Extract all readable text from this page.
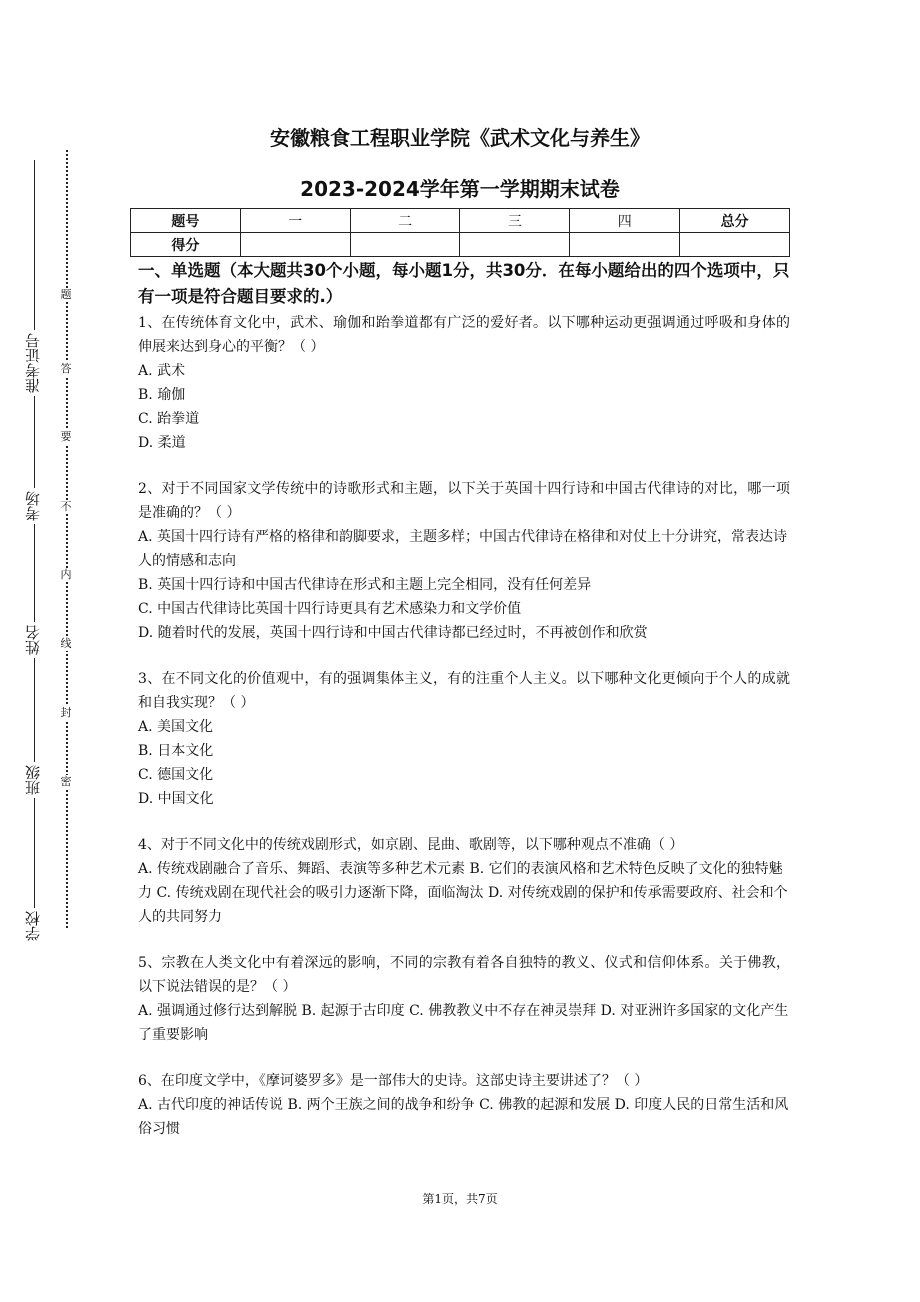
准考证号
考场
姓名
班级
学校
题
答
要
不
内
线
封
密
安徽粮食工程职业学院《武术文化与养生》
2023-2024学年第一学期期末试卷
题号	一	二	三	四	总分
得分					
一、单选题（本大题共30个小题，每小题1分，共30分．在每小题给出的四个选项中，只有一项是符合题目要求的.）

1、在传统体育文化中，武术、瑜伽和跆拳道都有广泛的爱好者。以下哪种运动更强调通过呼吸和身体的伸展来达到身心的平衡？（ ）

A. 武术

B. 瑜伽

C. 跆拳道

D. 柔道

2、对于不同国家文学传统中的诗歌形式和主题，以下关于英国十四行诗和中国古代律诗的对比，哪一项是准确的？（ ）

A. 英国十四行诗有严格的格律和韵脚要求，主题多样；中国古代律诗在格律和对仗上十分讲究，常表达诗人的情感和志向

B. 英国十四行诗和中国古代律诗在形式和主题上完全相同，没有任何差异

C. 中国古代律诗比英国十四行诗更具有艺术感染力和文学价值

D. 随着时代的发展，英国十四行诗和中国古代律诗都已经过时，不再被创作和欣赏

3、在不同文化的价值观中，有的强调集体主义，有的注重个人主义。以下哪种文化更倾向于个人的成就和自我实现？（ ）

A. 美国文化

B. 日本文化

C. 德国文化

D. 中国文化

4、对于不同文化中的传统戏剧形式，如京剧、昆曲、歌剧等，以下哪种观点不准确（ ）

A. 传统戏剧融合了音乐、舞蹈、表演等多种艺术元素 B. 它们的表演风格和艺术特色反映了文化的独特魅力 C. 传统戏剧在现代社会的吸引力逐渐下降，面临淘汰 D. 对传统戏剧的保护和传承需要政府、社会和个人的共同努力

5、宗教在人类文化中有着深远的影响，不同的宗教有着各自独特的教义、仪式和信仰体系。关于佛教，以下说法错误的是？（ ）

A. 强调通过修行达到解脱 B. 起源于古印度 C. 佛教教义中不存在神灵崇拜 D. 对亚洲许多国家的文化产生了重要影响

6、在印度文学中，《摩诃婆罗多》是一部伟大的史诗。这部史诗主要讲述了？（ ）

A. 古代印度的神话传说 B. 两个王族之间的战争和纷争 C. 佛教的起源和发展 D. 印度人民的日常生活和风俗习惯

第1页，共7页
